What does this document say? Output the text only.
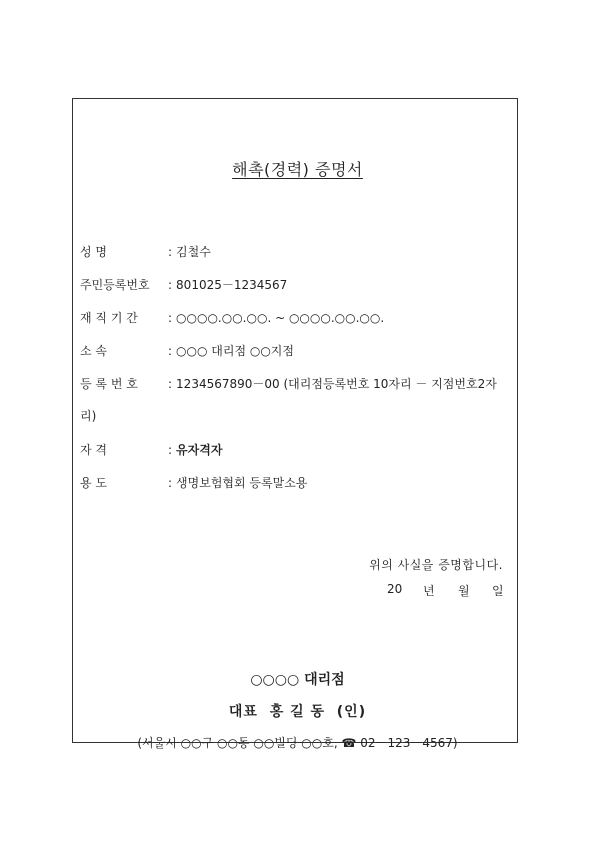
해촉(경력) 증명서
성 명	: 김철수
주민등록번호 : 801025－1234567
재 직 기 간	: ○○○○.○○.○○. ~ ○○○○.○○.○○.
소 속	: ○○○ 대리점 ○○지점
등 록 번 호	: 1234567890－00 (대리점등록번호 10자리 － 지점번호2자
리)
자 격	: 유자격자
용 도	: 생명보험협회 등록말소용
위의 사실을 증명합니다.
20 년 월 일
○○○○ 대리점
대표  홍 길 동  (인)
(서울시 ○○구 ○○동 ○○빌딩 ○○호, ☎ 02－123－4567)
